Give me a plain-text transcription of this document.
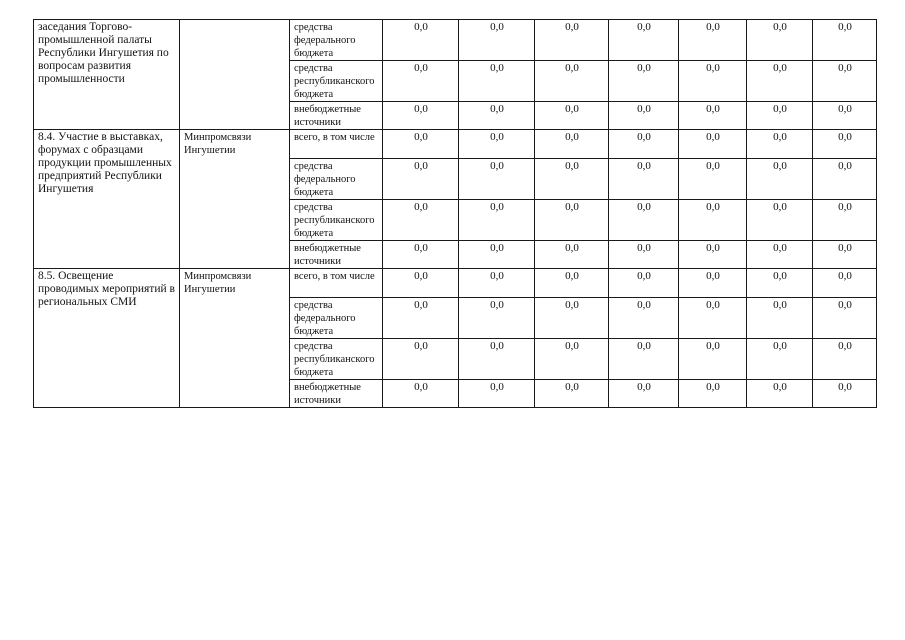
заседания Торгово-промышленной палаты Республики Ингушетия по вопросам развития промышленности		средства федерального бюджета	0,0	0,0	0,0	0,0	0,0	0,0	0,0
		средства республиканского бюджета	0,0	0,0	0,0	0,0	0,0	0,0	0,0
		внебюджетные источники	0,0	0,0	0,0	0,0	0,0	0,0	0,0
8.4. Участие в выставках, форумах с образцами продукции промышленных предприятий Республики Ингушетия	Минпромсвязи Ингушетии	всего, в том числе	0,0	0,0	0,0	0,0	0,0	0,0	0,0
		средства федерального бюджета	0,0	0,0	0,0	0,0	0,0	0,0	0,0
		средства республиканского бюджета	0,0	0,0	0,0	0,0	0,0	0,0	0,0
		внебюджетные источники	0,0	0,0	0,0	0,0	0,0	0,0	0,0
8.5. Освещение проводимых мероприятий в региональных СМИ	Минпромсвязи Ингушетии	всего, в том числе	0,0	0,0	0,0	0,0	0,0	0,0	0,0
		средства федерального бюджета	0,0	0,0	0,0	0,0	0,0	0,0	0,0
		средства республиканского бюджета	0,0	0,0	0,0	0,0	0,0	0,0	0,0
		внебюджетные источники	0,0	0,0	0,0	0,0	0,0	0,0	0,0
